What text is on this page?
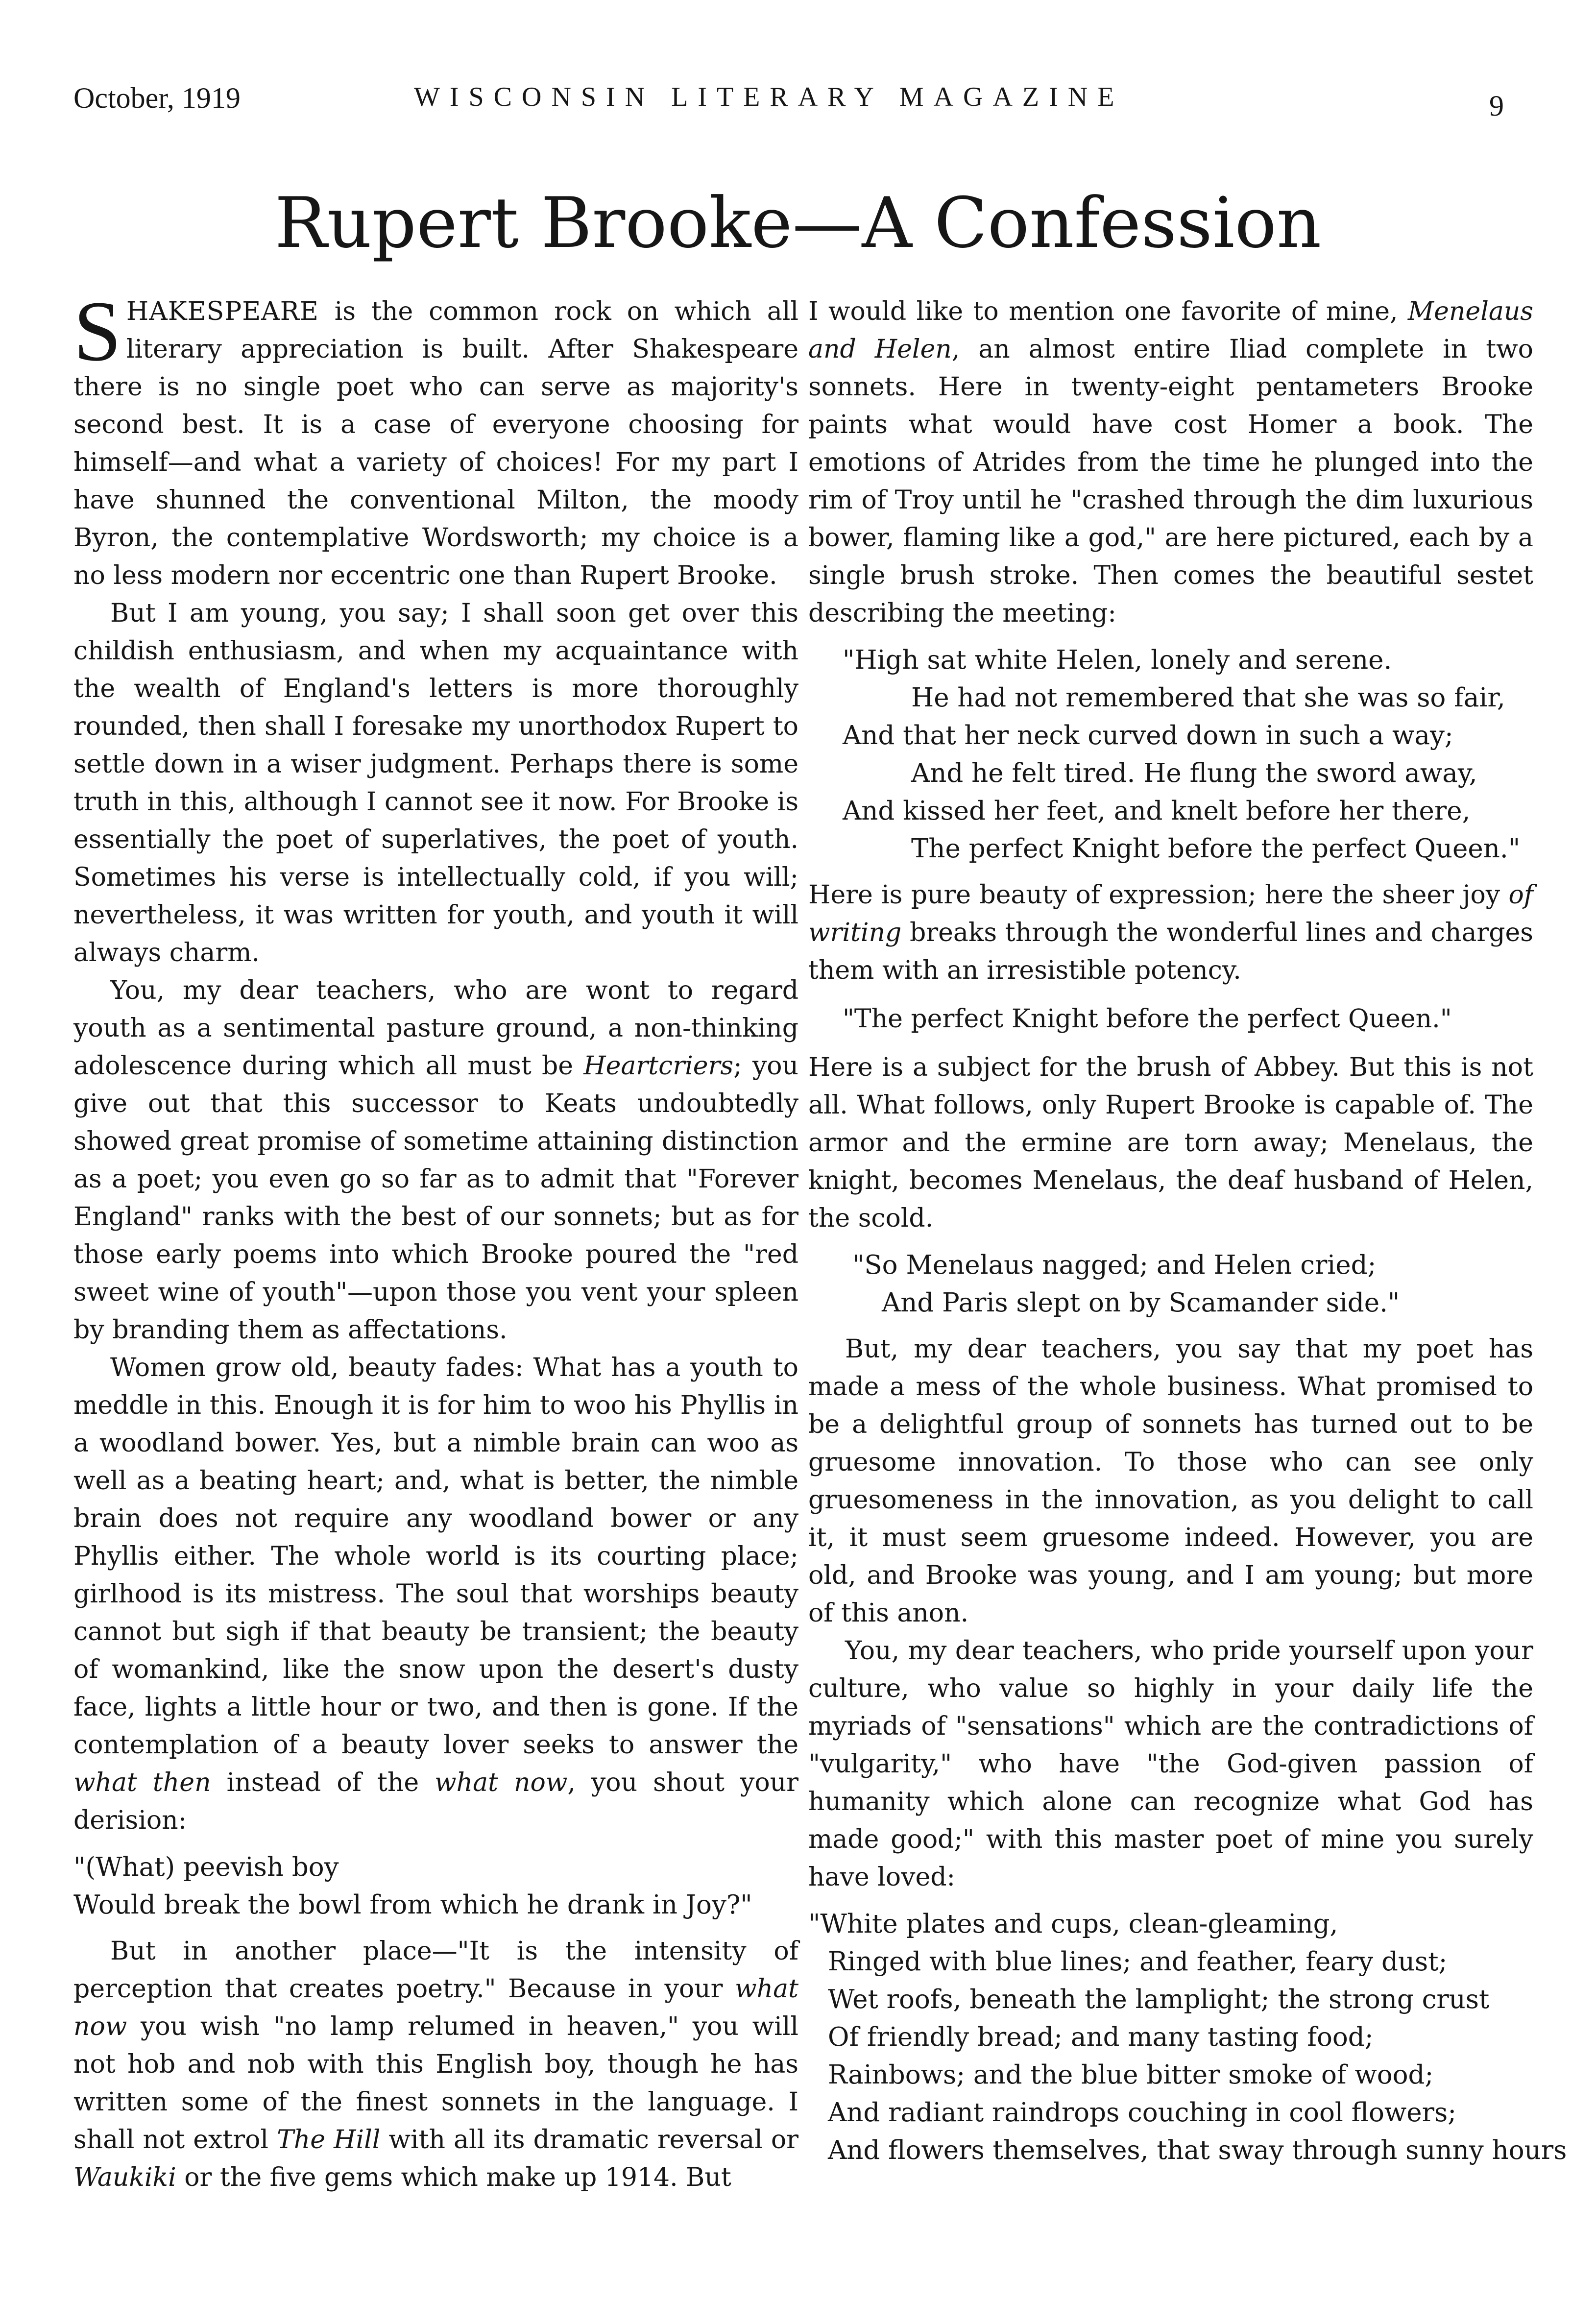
October, 1919	WISCONSIN LITERARY MAGAZINE	9
Rupert Brooke—A Confession

SHAKESPEARE is the common rock on which all literary appreciation is built. After Shakespeare there is no single poet who can serve as majority's second best. It is a case of everyone choosing for himself—and what a variety of choices! For my part I have shunned the conventional Milton, the moody Byron, the contemplative Wordsworth; my choice is a no less modern nor eccentric one than Rupert Brooke.

But I am young, you say; I shall soon get over this childish enthusiasm, and when my acquaintance with the wealth of England's letters is more thoroughly rounded, then shall I foresake my unorthodox Rupert to settle down in a wiser judgment. Perhaps there is some truth in this, although I cannot see it now. For Brooke is essentially the poet of superlatives, the poet of youth. Sometimes his verse is intellectually cold, if you will; nevertheless, it was written for youth, and youth it will always charm.

You, my dear teachers, who are wont to regard youth as a sentimental pasture ground, a non-thinking adolescence during which all must be Heartcriers; you give out that this successor to Keats undoubtedly showed great promise of sometime attaining distinction as a poet; you even go so far as to admit that "Forever England" ranks with the best of our sonnets; but as for those early poems into which Brooke poured the "red sweet wine of youth"—upon those you vent your spleen by branding them as affectations.

Women grow old, beauty fades: What has a youth to meddle in this. Enough it is for him to woo his Phyllis in a woodland bower. Yes, but a nimble brain can woo as well as a beating heart; and, what is better, the nimble brain does not require any woodland bower or any Phyllis either. The whole world is its courting place; girlhood is its mistress. The soul that worships beauty cannot but sigh if that beauty be transient; the beauty of womankind, like the snow upon the desert's dusty face, lights a little hour or two, and then is gone. If the contemplation of a beauty lover seeks to answer the what then instead of the what now, you shout your derision:

"(What) peevish boy
Would break the bowl from which he drank in Joy?"

But in another place—"It is the intensity of perception that creates poetry." Because in your what now you wish "no lamp relumed in heaven," you will not hob and nob with this English boy, though he has written some of the finest sonnets in the language. I shall not extrol The Hill with all its dramatic reversal or Waukiki or the five gems which make up 1914. But

I would like to mention one favorite of mine, Menelaus and Helen, an almost entire Iliad complete in two sonnets. Here in twenty-eight pentameters Brooke paints what would have cost Homer a book. The emotions of Atrides from the time he plunged into the rim of Troy until he "crashed through the dim luxurious bower, flaming like a god," are here pictured, each by a single brush stroke. Then comes the beautiful sestet describing the meeting:

"High sat white Helen, lonely and serene.
He had not remembered that she was so fair,
And that her neck curved down in such a way;
And he felt tired. He flung the sword away,
And kissed her feet, and knelt before her there,
The perfect Knight before the perfect Queen."

Here is pure beauty of expression; here the sheer joy of writing breaks through the wonderful lines and charges them with an irresistible potency.

"The perfect Knight before the perfect Queen."

Here is a subject for the brush of Abbey. But this is not all. What follows, only Rupert Brooke is capable of. The armor and the ermine are torn away; Menelaus, the knight, becomes Menelaus, the deaf husband of Helen, the scold.

"So Menelaus nagged; and Helen cried;
And Paris slept on by Scamander side."

But, my dear teachers, you say that my poet has made a mess of the whole business. What promised to be a delightful group of sonnets has turned out to be gruesome innovation. To those who can see only gruesomeness in the innovation, as you delight to call it, it must seem gruesome indeed. However, you are old, and Brooke was young, and I am young; but more of this anon.

You, my dear teachers, who pride yourself upon your culture, who value so highly in your daily life the myriads of "sensations" which are the contradictions of "vulgarity," who have "the God-given passion of humanity which alone can recognize what God has made good;" with this master poet of mine you surely have loved:

"White plates and cups, clean-gleaming,
Ringed with blue lines; and feather, feary dust;
Wet roofs, beneath the lamplight; the strong crust
Of friendly bread; and many tasting food;
Rainbows; and the blue bitter smoke of wood;
And radiant raindrops couching in cool flowers;
And flowers themselves, that sway through sunny hours
